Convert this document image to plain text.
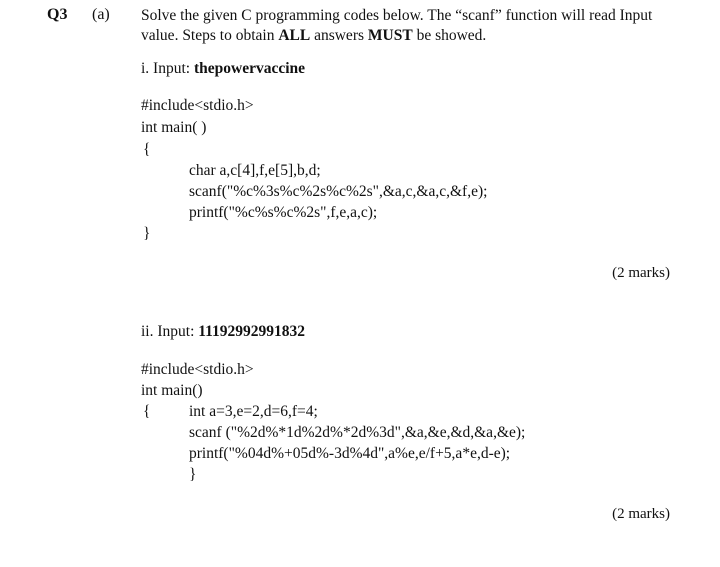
Q3 (a) Solve the given C programming codes below. The “scanf” function will read Input
value. Steps to obtain ALL answers MUST be showed.
i. Input: thepowervaccine
#include<stdio.h>
int main( )
{
char a,c[4],f,e[5],b,d;
scanf("%c%3s%c%2s%c%2s",&a,c,&a,c,&f,e);
printf("%c%s%c%2s",f,e,a,c);
}
(2 marks)
ii. Input: 11192992991832
#include<stdio.h>
int main()
{ int a=3,e=2,d=6,f=4;
scanf ("%2d%*1d%2d%*2d%3d",&a,&e,&d,&a,&e);
printf("%04d%+05d%-3d%4d",a%e,e/f+5,a*e,d-e);
}
(2 marks)
